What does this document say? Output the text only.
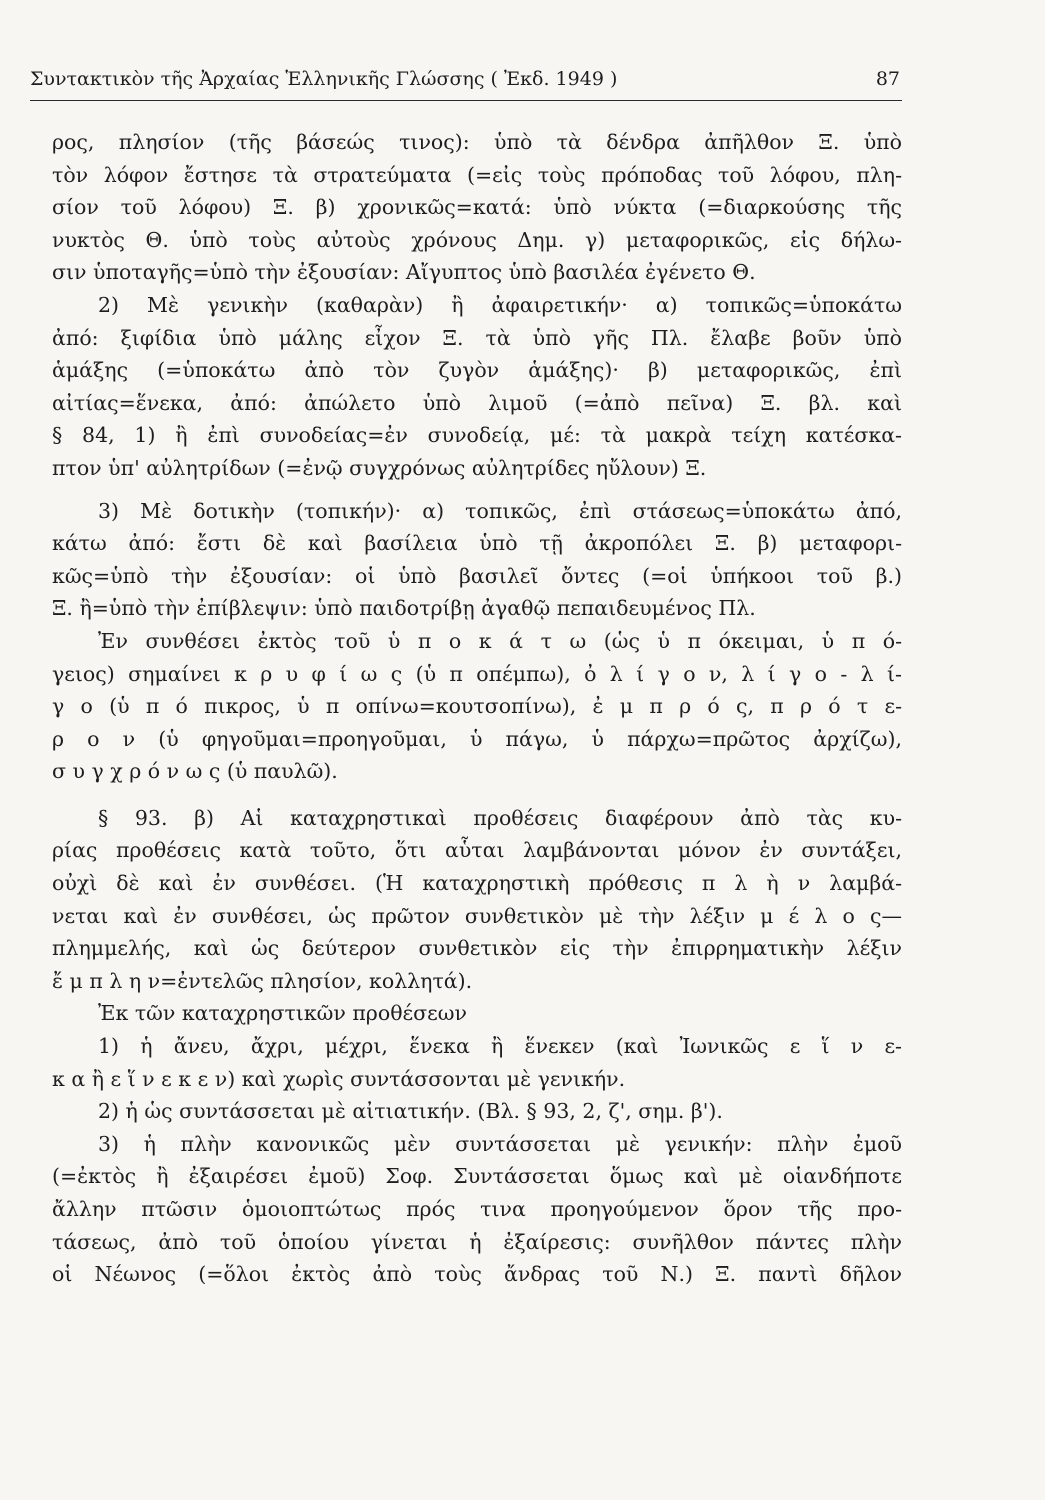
Συντακτικὸν τῆς Ἀρχαίας Ἑλληνικῆς Γλώσσης ( Ἐκδ. 1949 )	87

ρος, πλησίον (τῆς βάσεώς τινος): ὑπὸ τὰ δένδρα ἀπῆλθον Ξ. ὑπὸ

τὸν λόφον ἔστησε τὰ στρατεύματα (=εἰς τοὺς πρόποδας τοῦ λόφου, πλη-

σίον τοῦ λόφου) Ξ. β) χρονικῶς=κατά: ὑπὸ νύκτα (=διαρκούσης τῆς

νυκτὸς Θ. ὑπὸ τοὺς αὐτοὺς χρόνους Δημ. γ) μεταφορικῶς, εἰς δήλω-

σιν ὑποταγῆς=ὑπὸ τὴν ἐξουσίαν: Αἴγυπτος ὑπὸ βασιλέα ἐγένετο Θ.

2) Μὲ γενικὴν (καθαρὰν) ἢ ἀφαιρετικήν· α) τοπικῶς=ὑποκάτω

ἀπό: ξιφίδια ὑπὸ μάλης εἶχον Ξ. τὰ ὑπὸ γῆς Πλ. ἔλαβε βοῦν ὑπὸ

ἁμάξης (=ὑποκάτω ἀπὸ τὸν ζυγὸν ἁμάξης)· β) μεταφορικῶς, ἐπὶ

αἰτίας=ἕνεκα, ἀπό: ἀπώλετο ὑπὸ λιμοῦ (=ἀπὸ πεῖνα) Ξ. βλ. καὶ

§ 84, 1) ἢ ἐπὶ συνοδείας=ἐν συνοδείᾳ, μέ: τὰ μακρὰ τείχη κατέσκα-

πτον ὑπ' αὐλητρίδων (=ἐνῷ συγχρόνως αὐλητρίδες ηὔλουν) Ξ.

3) Μὲ δοτικὴν (τοπικήν)· α) τοπικῶς, ἐπὶ στάσεως=ὑποκάτω ἀπό,

κάτω ἀπό: ἔστι δὲ καὶ βασίλεια ὑπὸ τῇ ἀκροπόλει Ξ. β) μεταφορι-

κῶς=ὑπὸ τὴν ἐξουσίαν: οἱ ὑπὸ βασιλεῖ ὄντες (=οἱ ὑπήκοοι τοῦ β.)

Ξ. ἢ=ὑπὸ τὴν ἐπίβλεψιν: ὑπὸ παιδοτρίβῃ ἀγαθῷ πεπαιδευμένος Πλ.

Ἐν συνθέσει ἐκτὸς τοῦ ὑ π ο κ ά τ ω (ὡς ὑ π όκειμαι, ὑ π ό-

γειος) σημαίνει κ ρ υ φ ί ω ς (ὑ π οπέμπω), ὀ λ ί γ ο ν, λ ί γ ο - λ ί-

γ ο (ὑ π ό πικρος, ὑ π οπίνω=κουτσοπίνω), ἐ μ π ρ ό ς, π ρ ό τ ε-

ρ ο ν (ὑ φηγοῦμαι=προηγοῦμαι, ὑ πάγω, ὑ πάρχω=πρῶτος ἀρχίζω),

σ υ γ χ ρ ό ν ω ς (ὑ παυλῶ).

§ 93. β) Αἱ καταχρηστικαὶ προθέσεις διαφέρουν ἀπὸ τὰς κυ-

ρίας προθέσεις κατὰ τοῦτο, ὅτι αὗται λαμβάνονται μόνον ἐν συντάξει,

οὐχὶ δὲ καὶ ἐν συνθέσει. (Ἡ καταχρηστικὴ πρόθεσις π λ ὴ ν λαμβά-

νεται καὶ ἐν συνθέσει, ὡς πρῶτον συνθετικὸν μὲ τὴν λέξιν μ έ λ ο ς—

πλημμελής, καὶ ὡς δεύτερον συνθετικὸν εἰς τὴν ἐπιρρηματικὴν λέξιν

ἔ μ π λ η ν=ἐντελῶς πλησίον, κολλητά).

Ἐκ τῶν καταχρηστικῶν προθέσεων

1) ἡ ἄνευ, ἄχρι, μέχρι, ἕνεκα ἢ ἕνεκεν (καὶ Ἰωνικῶς ε ἵ ν ε-

κ α ἢ ε ἵ ν ε κ ε ν) καὶ χωρὶς συντάσσονται μὲ γενικήν.

2) ἡ ὡς συντάσσεται μὲ αἰτιατικήν. (Βλ. § 93, 2, ζ', σημ. β').

3) ἡ πλὴν κανονικῶς μὲν συντάσσεται μὲ γενικήν: πλὴν ἐμοῦ

(=ἐκτὸς ἢ ἐξαιρέσει ἐμοῦ) Σοφ. Συντάσσεται ὅμως καὶ μὲ οἱανδήποτε

ἄλλην πτῶσιν ὁμοιοπτώτως πρός τινα προηγούμενον ὅρον τῆς προ-

τάσεως, ἀπὸ τοῦ ὁποίου γίνεται ἡ ἐξαίρεσις: συνῆλθον πάντες πλὴν

οἱ Νέωνος (=ὅλοι ἐκτὸς ἀπὸ τοὺς ἄνδρας τοῦ Ν.) Ξ. παντὶ δῆλον
